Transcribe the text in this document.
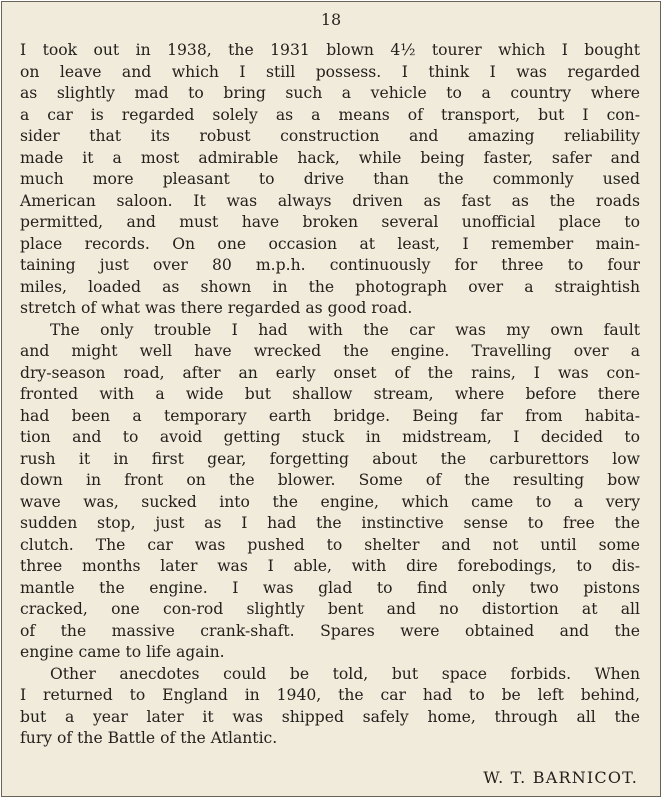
18
I took out in 1938, the 1931 blown 4½ tourer which I bought
on leave and which I still possess. I think I was regarded
as slightly mad to bring such a vehicle to a country where
a car is regarded solely as a means of transport, but I con-
sider that its robust construction and amazing reliability
made it a most admirable hack, while being faster, safer and
much more pleasant to drive than the commonly used
American saloon. It was always driven as fast as the roads
permitted, and must have broken several unofficial place to
place records. On one occasion at least, I remember main-
taining just over 80 m.p.h. continuously for three to four
miles, loaded as shown in the photograph over a straightish
stretch of what was there regarded as good road.
The only trouble I had with the car was my own fault
and might well have wrecked the engine. Travelling over a
dry-season road, after an early onset of the rains, I was con-
fronted with a wide but shallow stream, where before there
had been a temporary earth bridge. Being far from habita-
tion and to avoid getting stuck in midstream, I decided to
rush it in first gear, forgetting about the carburettors low
down in front on the blower. Some of the resulting bow
wave was, sucked into the engine, which came to a very
sudden stop, just as I had the instinctive sense to free the
clutch. The car was pushed to shelter and not until some
three months later was I able, with dire forebodings, to dis-
mantle the engine. I was glad to find only two pistons
cracked, one con-rod slightly bent and no distortion at all
of the massive crank-shaft. Spares were obtained and the
engine came to life again.
Other anecdotes could be told, but space forbids. When
I returned to England in 1940, the car had to be left behind,
but a year later it was shipped safely home, through all the
fury of the Battle of the Atlantic.
W. T. BARNICOT.
